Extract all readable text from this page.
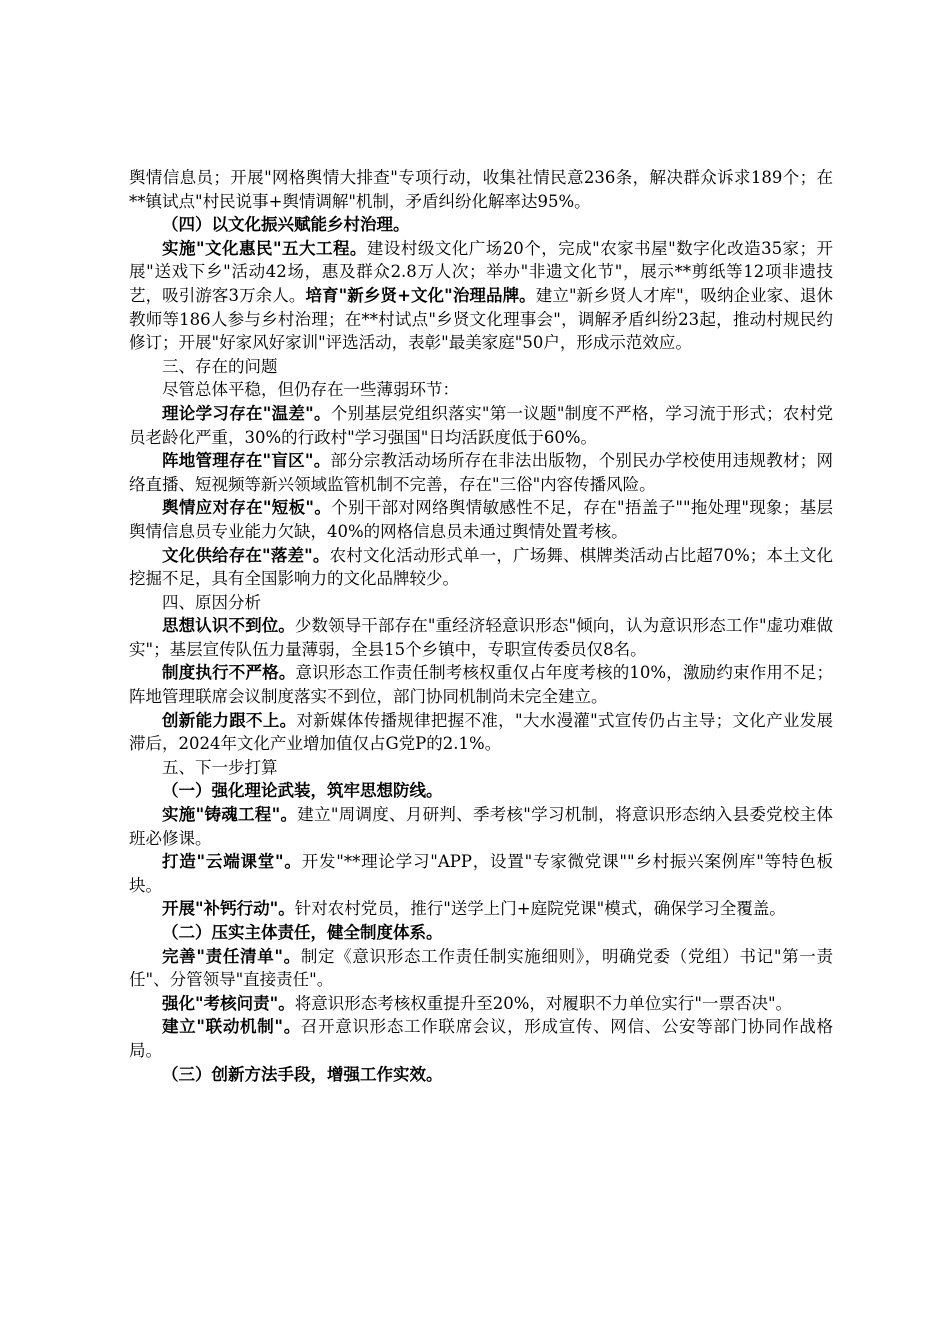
舆情信息员；开展"网格舆情大排查"专项行动，收集社情民意236条，解决群众诉求189个；在**镇试点"村民说事+舆情调解"机制，矛盾纠纷化解率达95%。

（四）以文化振兴赋能乡村治理。

实施"文化惠民"五大工程。建设村级文化广场20个，完成"农家书屋"数字化改造35家；开展"送戏下乡"活动42场，惠及群众2.8万人次；举办"非遗文化节"，展示**剪纸等12项非遗技艺，吸引游客3万余人。培育"新乡贤+文化"治理品牌。建立"新乡贤人才库"，吸纳企业家、退休教师等186人参与乡村治理；在**村试点"乡贤文化理事会"，调解矛盾纠纷23起，推动村规民约修订；开展"好家风好家训"评选活动，表彰"最美家庭"50户，形成示范效应。

三、存在的问题

尽管总体平稳，但仍存在一些薄弱环节：

理论学习存在"温差"。个别基层党组织落实"第一议题"制度不严格，学习流于形式；农村党员老龄化严重，30%的行政村"学习强国"日均活跃度低于60%。

阵地管理存在"盲区"。部分宗教活动场所存在非法出版物，个别民办学校使用违规教材；网络直播、短视频等新兴领域监管机制不完善，存在"三俗"内容传播风险。

舆情应对存在"短板"。个别干部对网络舆情敏感性不足，存在"捂盖子""拖处理"现象；基层舆情信息员专业能力欠缺，40%的网格信息员未通过舆情处置考核。

文化供给存在"落差"。农村文化活动形式单一，广场舞、棋牌类活动占比超70%；本土文化挖掘不足，具有全国影响力的文化品牌较少。

四、原因分析

思想认识不到位。少数领导干部存在"重经济轻意识形态"倾向，认为意识形态工作"虚功难做实"；基层宣传队伍力量薄弱，全县15个乡镇中，专职宣传委员仅8名。

制度执行不严格。意识形态工作责任制考核权重仅占年度考核的10%，激励约束作用不足；阵地管理联席会议制度落实不到位，部门协同机制尚未完全建立。

创新能力跟不上。对新媒体传播规律把握不准，"大水漫灌"式宣传仍占主导；文化产业发展滞后，2024年文化产业增加值仅占G党P的2.1%。

五、下一步打算

（一）强化理论武装，筑牢思想防线。

实施"铸魂工程"。建立"周调度、月研判、季考核"学习机制，将意识形态纳入县委党校主体班必修课。

打造"云端课堂"。开发"**理论学习"APP，设置"专家微党课""乡村振兴案例库"等特色板块。

开展"补钙行动"。针对农村党员，推行"送学上门+庭院党课"模式，确保学习全覆盖。

（二）压实主体责任，健全制度体系。

完善"责任清单"。制定《意识形态工作责任制实施细则》，明确党委（党组）书记"第一责任"、分管领导"直接责任"。

强化"考核问责"。将意识形态考核权重提升至20%，对履职不力单位实行"一票否决"。

建立"联动机制"。召开意识形态工作联席会议，形成宣传、网信、公安等部门协同作战格局。

（三）创新方法手段，增强工作实效。
